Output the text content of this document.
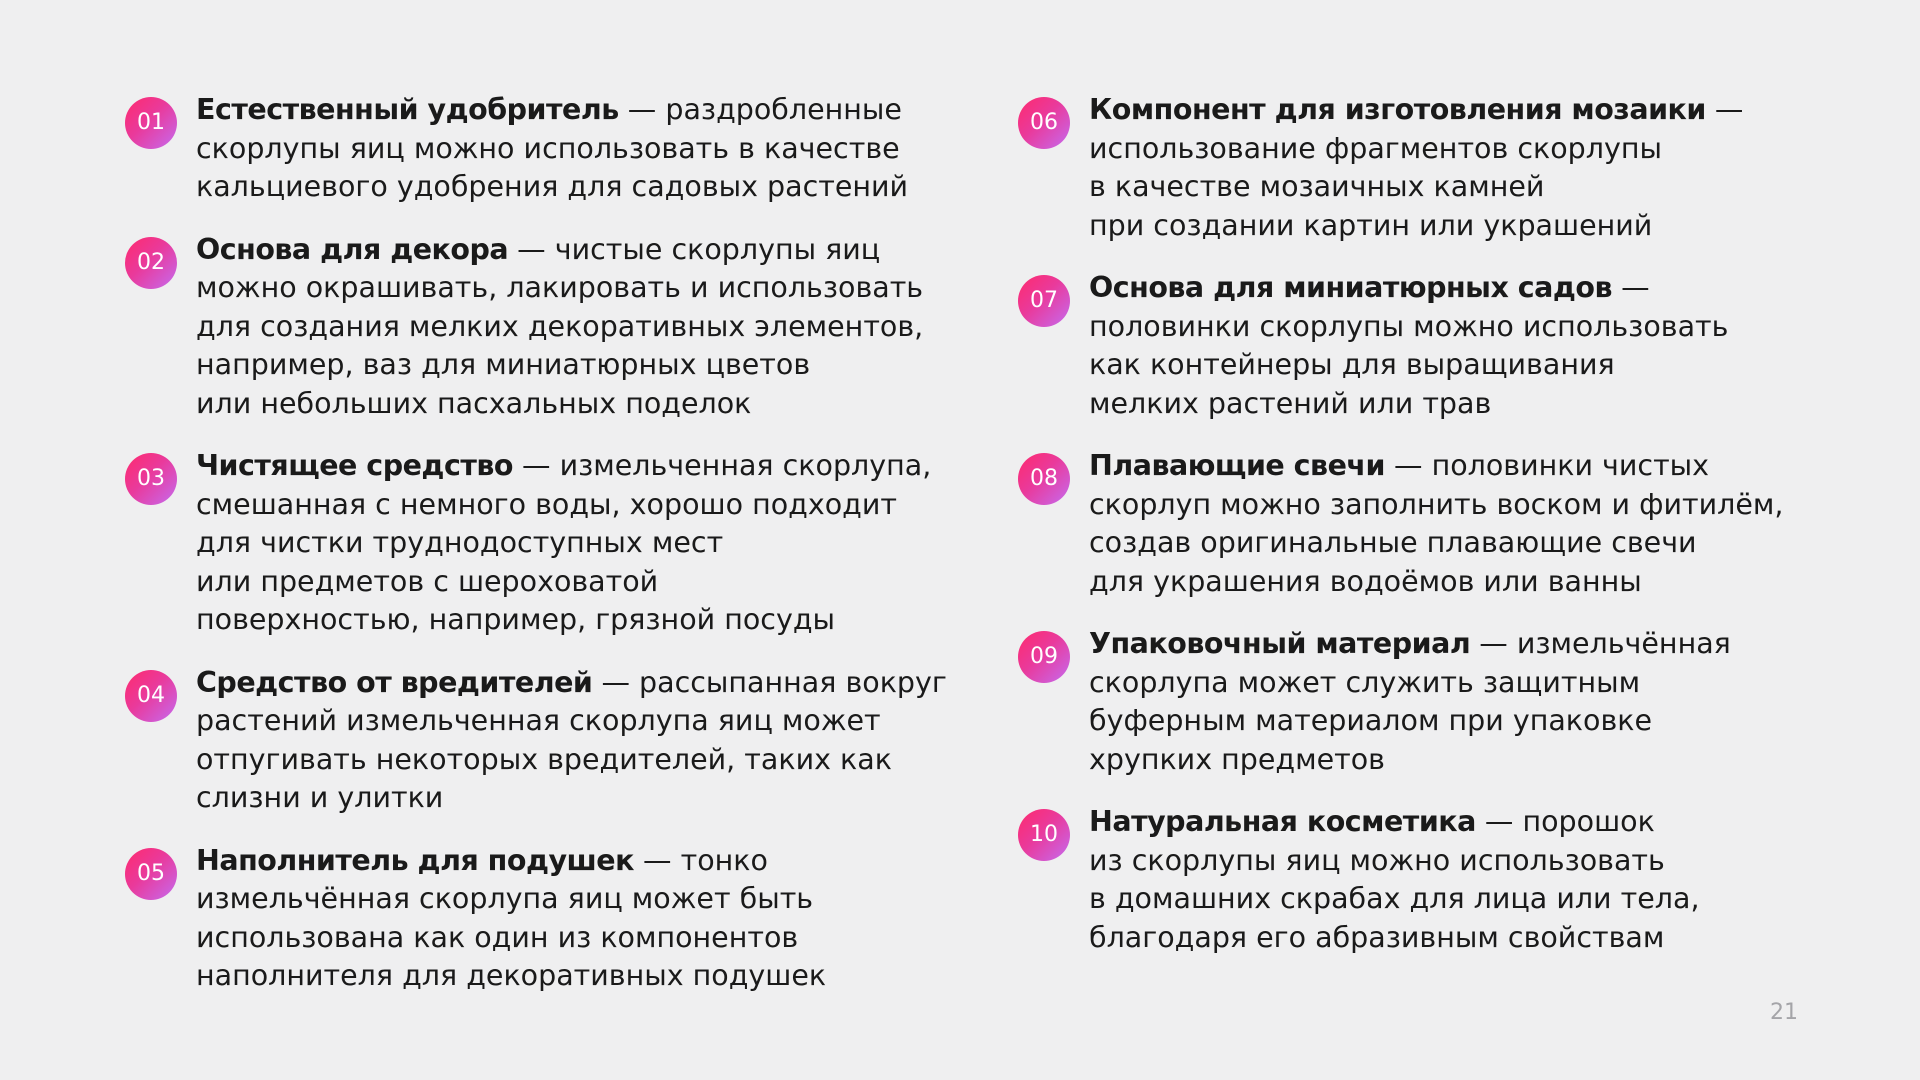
01	Естественный удобритель — раздробленные
скорлупы яиц можно использовать в качестве
кальциевого удобрения для садовых растений

02	Основа для декора — чистые скорлупы яиц
можно окрашивать, лакировать и использовать
для создания мелких декоративных элементов,
например, ваз для миниатюрных цветов
или небольших пасхальных поделок

03	Чистящее средство — измельченная скорлупа,
смешанная с немного воды, хорошо подходит
для чистки труднодоступных мест
или предметов с шероховатой
поверхностью, например, грязной посуды

04	Средство от вредителей — рассыпанная вокруг
растений измельченная скорлупа яиц может
отпугивать некоторых вредителей, таких как
слизни и улитки

05	Наполнитель для подушек — тонко
измельчённая скорлупа яиц может быть
использована как один из компонентов
наполнителя для декоративных подушек

06	Компонент для изготовления мозаики —
использование фрагментов скорлупы
в качестве мозаичных камней
при создании картин или украшений

07	Основа для миниатюрных садов —
половинки скорлупы можно использовать
как контейнеры для выращивания
мелких растений или трав

08	Плавающие свечи — половинки чистых
скорлуп можно заполнить воском и фитилём,
создав оригинальные плавающие свечи
для украшения водоёмов или ванны

09	Упаковочный материал — измельчённая
скорлупа может служить защитным
буферным материалом при упаковке
хрупких предметов

10	Натуральная косметика — порошок
из скорлупы яиц можно использовать
в домашних скрабах для лица или тела,
благодаря его абразивным свойствам

21
